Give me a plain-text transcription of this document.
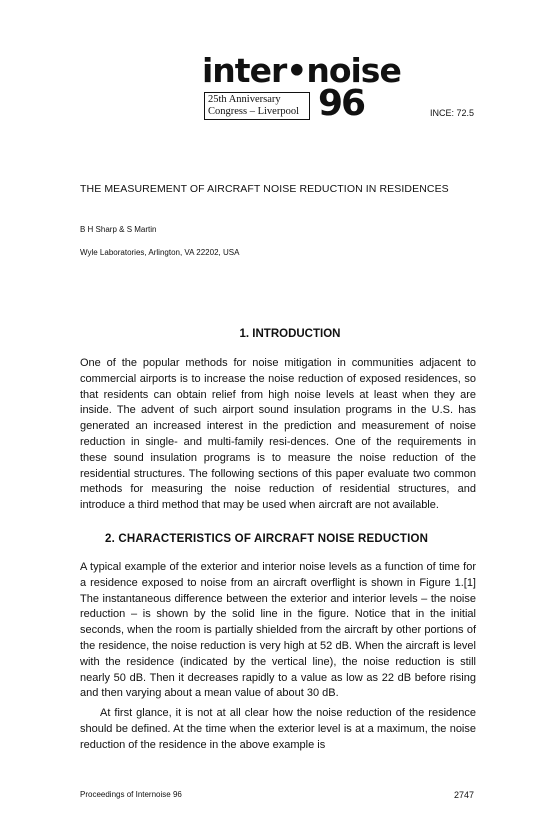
inter•noise
25th Anniversary
Congress – Liverpool 96	INCE: 72.5
THE MEASUREMENT OF AIRCRAFT NOISE REDUCTION IN RESIDENCES
B H Sharp & S Martin
Wyle Laboratories, Arlington, VA 22202, USA
1. INTRODUCTION
One of the popular methods for noise mitigation in communities adjacent to commercial airports is to increase the noise reduction of exposed residences, so that residents can obtain relief from high noise levels at least when they are inside. The advent of such airport sound insulation programs in the U.S. has generated an increased interest in the prediction and measurement of noise reduction in single- and multi-family resi-dences. One of the requirements in these sound insulation programs is to measure the noise reduction of the residential structures. The following sections of this paper evaluate two common methods for measuring the noise reduction of residential structures, and introduce a third method that may be used when aircraft are not available.
2. CHARACTERISTICS OF AIRCRAFT NOISE REDUCTION
A typical example of the exterior and interior noise levels as a function of time for a residence exposed to noise from an aircraft overflight is shown in Figure 1.[1] The instantaneous difference between the exterior and interior levels – the noise reduction – is shown by the solid line in the figure. Notice that in the initial seconds, when the room is partially shielded from the aircraft by other portions of the residence, the noise reduction is very high at 52 dB. When the aircraft is level with the residence (indicated by the vertical line), the noise reduction is still nearly 50 dB. Then it decreases rapidly to a value as low as 22 dB before rising and then varying about a mean value of about 30 dB.
At first glance, it is not at all clear how the noise reduction of the residence should be defined. At the time when the exterior level is at a maximum, the noise reduction of the residence in the above example is
Proceedings of Internoise 96	2747
